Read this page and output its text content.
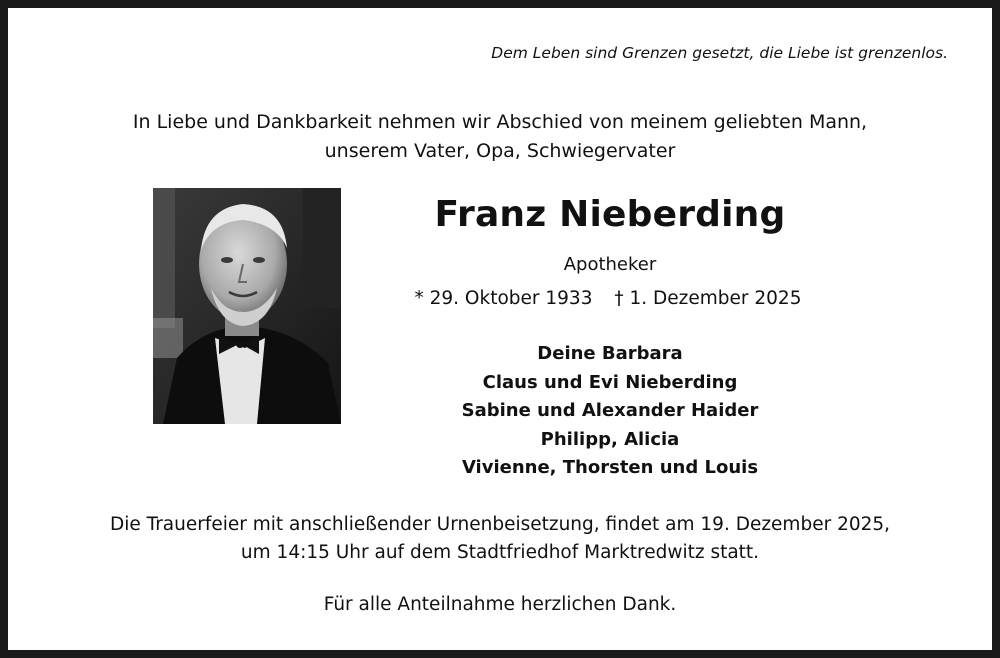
Dem Leben sind Grenzen gesetzt, die Liebe ist grenzenlos.
In Liebe und Dankbarkeit nehmen wir Abschied von meinem geliebten Mann,
unserem Vater, Opa, Schwiegervater
Franz Nieberding
Apotheker
* 29. Oktober 1933 † 1. Dezember 2025
Deine Barbara
Claus und Evi Nieberding
Sabine und Alexander Haider
Philipp, Alicia
Vivienne, Thorsten und Louis
Die Trauerfeier mit anschließender Urnenbeisetzung, findet am 19. Dezember 2025,
um 14:15 Uhr auf dem Stadtfriedhof Marktredwitz statt.
Für alle Anteilnahme herzlichen Dank.
